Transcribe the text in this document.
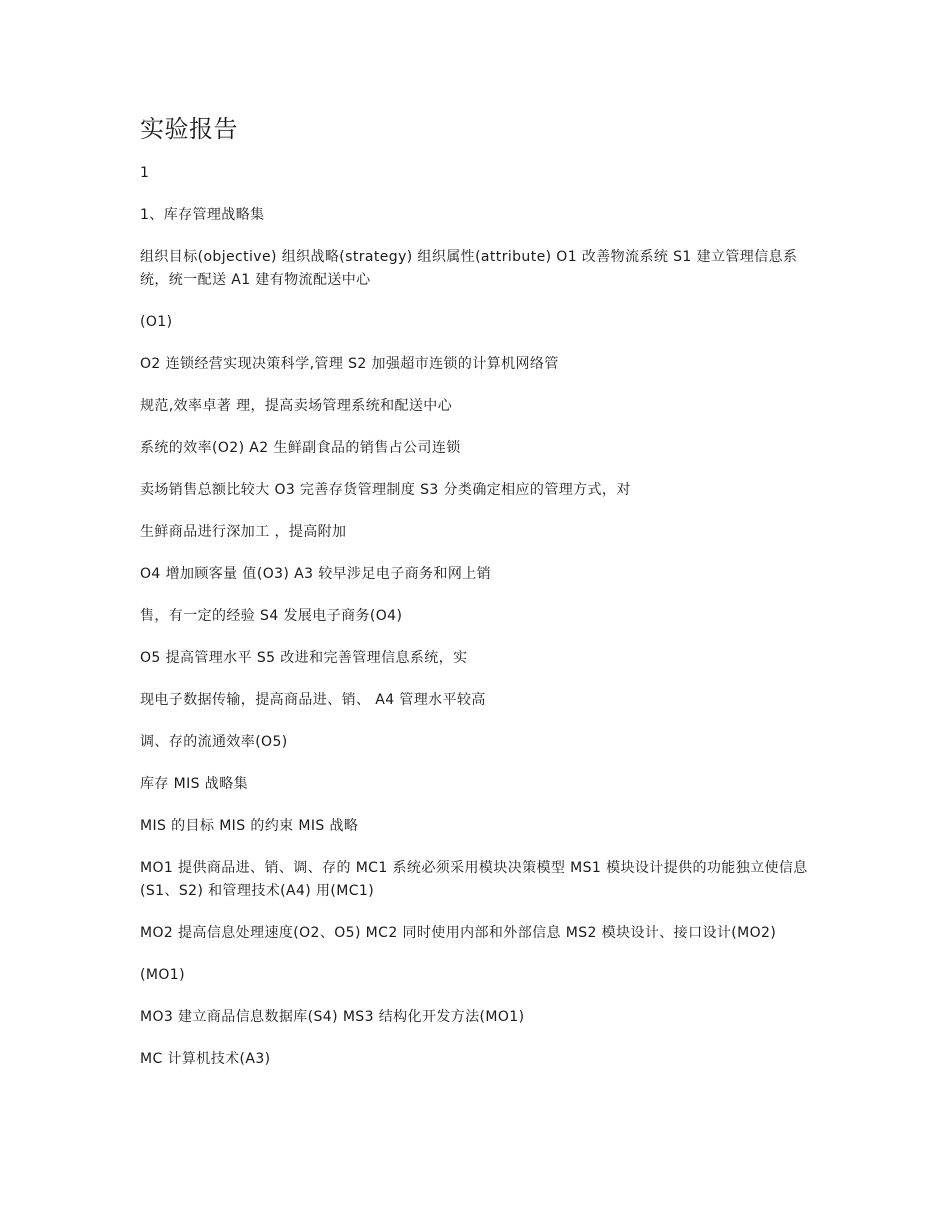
实验报告

1

1、库存管理战略集

组织目标(objective) 组织战略(strategy) 组织属性(attribute) O1 改善物流系统 S1 建立管理信息系统，统一配送 A1 建有物流配送中心

(O1)

O2 连锁经营实现决策科学,管理 S2 加强超市连锁的计算机网络管

规范,效率卓著 理，提高卖场管理系统和配送中心

系统的效率(O2) A2 生鲜副食品的销售占公司连锁

卖场销售总额比较大 O3 完善存货管理制度 S3 分类确定相应的管理方式，对

生鲜商品进行深加工 ，提高附加

O4 增加顾客量 值(O3) A3 较早涉足电子商务和网上销

售，有一定的经验 S4 发展电子商务(O4)

O5 提高管理水平 S5 改进和完善管理信息系统，实

现电子数据传输，提高商品进、销、 A4 管理水平较高

调、存的流通效率(O5)

库存 MIS 战略集

MIS 的目标 MIS 的约束 MIS 战略

MO1 提供商品进、销、调、存的 MC1 系统必须采用模块决策模型 MS1 模块设计提供的功能独立使信息(S1、S2) 和管理技术(A4) 用(MC1)

MO2 提高信息处理速度(O2、O5) MC2 同时使用内部和外部信息 MS2 模块设计、接口设计(MO2)

(MO1)

MO3 建立商品信息数据库(S4) MS3 结构化开发方法(MO1)

MC 计算机技术(A3)
